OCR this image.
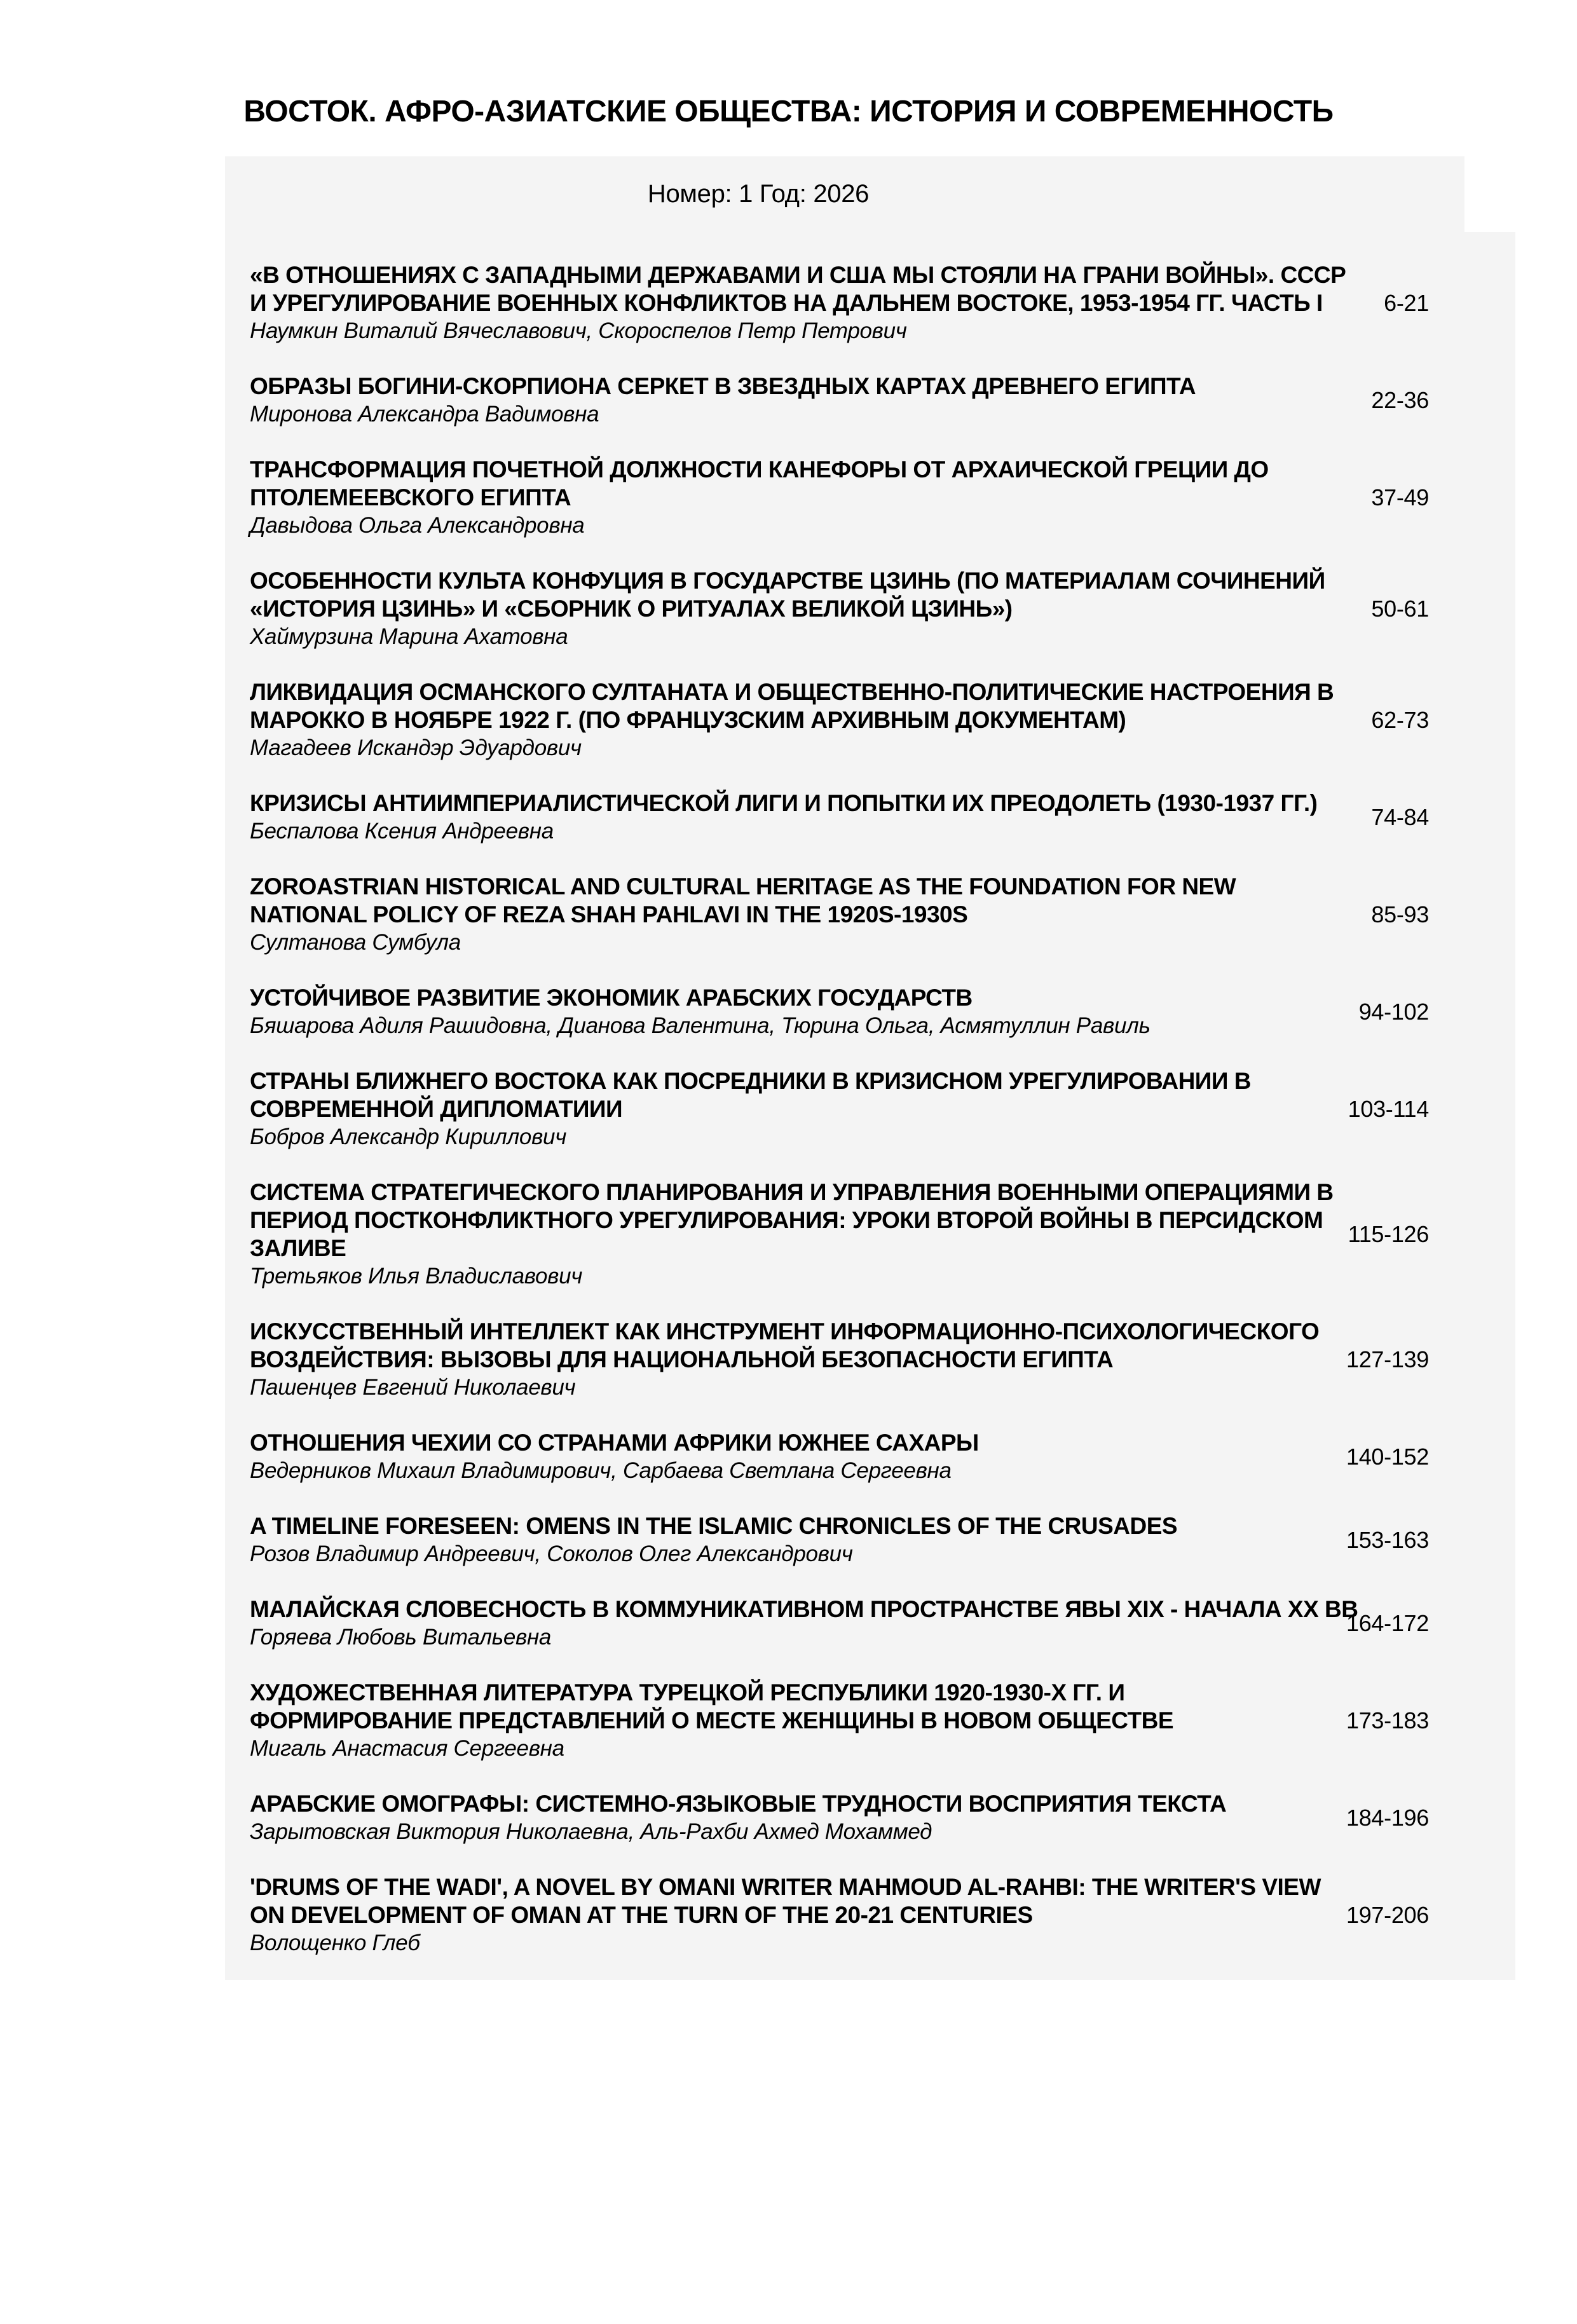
ВОСТОК. АФРО-АЗИАТСКИЕ ОБЩЕСТВА: ИСТОРИЯ И СОВРЕМЕННОСТЬ
Номер: 1 Год: 2026
«В ОТНОШЕНИЯХ С ЗАПАДНЫМИ ДЕРЖАВАМИ И США МЫ СТОЯЛИ НА ГРАНИ ВОЙНЫ». СССР
И УРЕГУЛИРОВАНИЕ ВОЕННЫХ КОНФЛИКТОВ НА ДАЛЬНЕМ ВОСТОКЕ, 1953-1954 ГГ. ЧАСТЬ I
Наумкин Виталий Вячеславович, Скороспелов Петр Петрович
6-21
ОБРАЗЫ БОГИНИ-СКОРПИОНА СЕРКЕТ В ЗВЕЗДНЫХ КАРТАХ ДРЕВНЕГО ЕГИПТА
Миронова Александра Вадимовна
22-36
ТРАНСФОРМАЦИЯ ПОЧЕТНОЙ ДОЛЖНОСТИ КАНЕФОРЫ ОТ АРХАИЧЕСКОЙ ГРЕЦИИ ДО
ПТОЛЕМЕЕВСКОГО ЕГИПТА
Давыдова Ольга Александровна
37-49
ОСОБЕННОСТИ КУЛЬТА КОНФУЦИЯ В ГОСУДАРСТВЕ ЦЗИНЬ (ПО МАТЕРИАЛАМ СОЧИНЕНИЙ
«ИСТОРИЯ ЦЗИНЬ» И «СБОРНИК О РИТУАЛАХ ВЕЛИКОЙ ЦЗИНЬ»)
Хаймурзина Марина Ахатовна
50-61
ЛИКВИДАЦИЯ ОСМАНСКОГО СУЛТАНАТА И ОБЩЕСТВЕННО-ПОЛИТИЧЕСКИЕ НАСТРОЕНИЯ В
МАРОККО В НОЯБРЕ 1922 Г. (ПО ФРАНЦУЗСКИМ АРХИВНЫМ ДОКУМЕНТАМ)
Магадеев Искандэр Эдуардович
62-73
КРИЗИСЫ АНТИИМПЕРИАЛИСТИЧЕСКОЙ ЛИГИ И ПОПЫТКИ ИХ ПРЕОДОЛЕТЬ (1930-1937 ГГ.)
Беспалова Ксения Андреевна
74-84
ZOROASTRIAN HISTORICAL AND CULTURAL HERITAGE AS THE FOUNDATION FOR NEW
NATIONAL POLICY OF REZA SHAH PAHLAVI IN THE 1920S-1930S
Султанова Сумбула
85-93
УСТОЙЧИВОЕ РАЗВИТИЕ ЭКОНОМИК АРАБСКИХ ГОСУДАРСТВ
Бяшарова Адиля Рашидовна, Дианова Валентина, Тюрина Ольга, Асмятуллин Равиль
94-102
СТРАНЫ БЛИЖНЕГО ВОСТОКА КАК ПОСРЕДНИКИ В КРИЗИСНОМ УРЕГУЛИРОВАНИИ В
СОВРЕМЕННОЙ ДИПЛОМАТИИИ
Бобров Александр Кириллович
103-114
СИСТЕМА СТРАТЕГИЧЕСКОГО ПЛАНИРОВАНИЯ И УПРАВЛЕНИЯ ВОЕННЫМИ ОПЕРАЦИЯМИ В
ПЕРИОД ПОСТКОНФЛИКТНОГО УРЕГУЛИРОВАНИЯ: УРОКИ ВТОРОЙ ВОЙНЫ В ПЕРСИДСКОМ
ЗАЛИВЕ
Третьяков Илья Владиславович
115-126
ИСКУССТВЕННЫЙ ИНТЕЛЛЕКТ КАК ИНСТРУМЕНТ ИНФОРМАЦИОННО-ПСИХОЛОГИЧЕСКОГО
ВОЗДЕЙСТВИЯ: ВЫЗОВЫ ДЛЯ НАЦИОНАЛЬНОЙ БЕЗОПАСНОСТИ ЕГИПТА
Пашенцев Евгений Николаевич
127-139
ОТНОШЕНИЯ ЧЕХИИ СО СТРАНАМИ АФРИКИ ЮЖНЕЕ САХАРЫ
Ведерников Михаил Владимирович, Сарбаева Светлана Сергеевна
140-152
A TIMELINE FORESEEN: OMENS IN THE ISLAMIC CHRONICLES OF THE CRUSADES
Розов Владимир Андреевич, Соколов Олег Александрович
153-163
МАЛАЙСКАЯ СЛОВЕСНОСТЬ В КОММУНИКАТИВНОМ ПРОСТРАНСТВЕ ЯВЫ XIX - НАЧАЛА XX ВВ
Горяева Любовь Витальевна
164-172
ХУДОЖЕСТВЕННАЯ ЛИТЕРАТУРА ТУРЕЦКОЙ РЕСПУБЛИКИ 1920-1930-Х ГГ. И
ФОРМИРОВАНИЕ ПРЕДСТАВЛЕНИЙ О МЕСТЕ ЖЕНЩИНЫ В НОВОМ ОБЩЕСТВЕ
Мигаль Анастасия Сергеевна
173-183
АРАБСКИЕ ОМОГРАФЫ: СИСТЕМНО-ЯЗЫКОВЫЕ ТРУДНОСТИ ВОСПРИЯТИЯ ТЕКСТА
Зарытовская Виктория Николаевна, Аль-Рахби Ахмед Мохаммед
184-196
'DRUMS OF THE WADI', A NOVEL BY OMANI WRITER MAHMOUD AL-RAHBI: THE WRITER'S VIEW
ON DEVELOPMENT OF OMAN AT THE TURN OF THE 20-21 CENTURIES
Волощенко Глеб
197-206
